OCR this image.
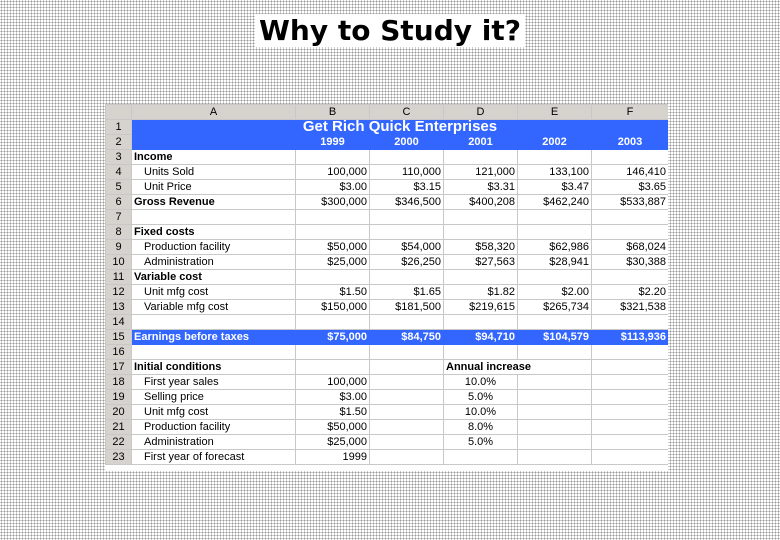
Why to Study it?
	A	B	C	D	E	F
1	Get Rich Quick Enterprises					
2		1999	2000	2001	2002	2003
3	Income					
4	Units Sold	100,000	110,000	121,000	133,100	146,410
5	Unit Price	$3.00	$3.15	$3.31	$3.47	$3.65
6	Gross Revenue	$300,000	$346,500	$400,208	$462,240	$533,887
7						
8	Fixed costs					
9	Production facility	$50,000	$54,000	$58,320	$62,986	$68,024
10	Administration	$25,000	$26,250	$27,563	$28,941	$30,388
11	Variable cost					
12	Unit mfg cost	$1.50	$1.65	$1.82	$2.00	$2.20
13	Variable mfg cost	$150,000	$181,500	$219,615	$265,734	$321,538
14						
15	Earnings before taxes	$75,000	$84,750	$94,710	$104,579	$113,936
16						
17	Initial conditions			Annual increase		
18	First year sales	100,000		10.0%		
19	Selling price	$3.00		5.0%		
20	Unit mfg cost	$1.50		10.0%		
21	Production facility	$50,000		8.0%		
22	Administration	$25,000		5.0%		
23	First year of forecast	1999				
